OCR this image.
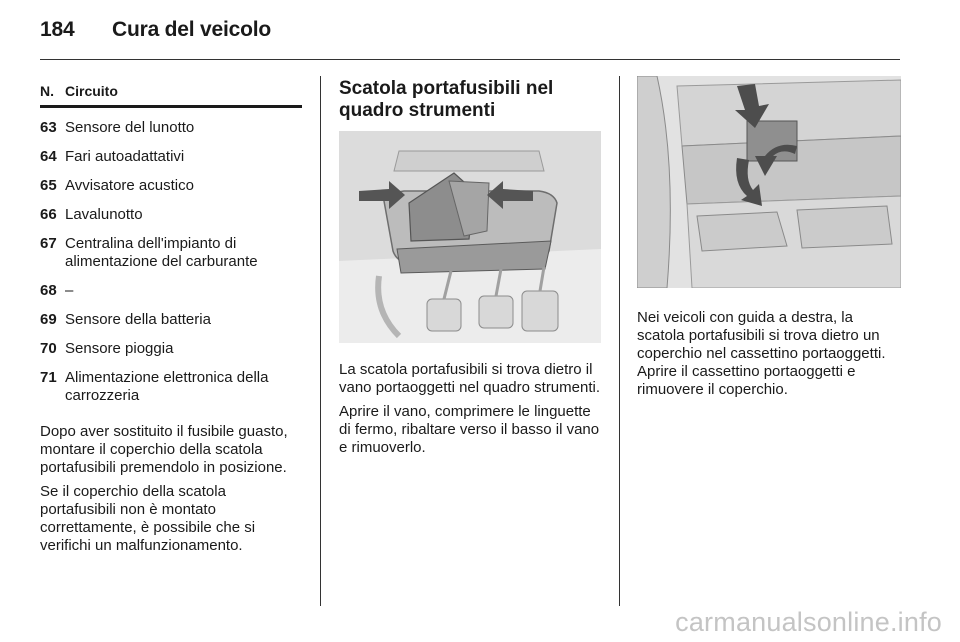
184 Cura del veicolo
N. Circuito
63 Sensore del lunotto
64 Fari autoadattativi
65 Avvisatore acustico
66 Lavalunotto
67 Centralina dell'impianto di alimentazione del carburante
68 –
69 Sensore della batteria
70 Sensore pioggia
71 Alimentazione elettronica della carrozzeria

Dopo aver sostituito il fusibile guasto, montare il coperchio della scatola portafusibili premendolo in posizione.

Se il coperchio della scatola portafusibili non è montato correttamente, è possibile che si verifichi un malfunzionamento.

Scatola portafusibili nel quadro strumenti

La scatola portafusibili si trova dietro il vano portaoggetti nel quadro strumenti.

Aprire il vano, comprimere le linguette di fermo, ribaltare verso il basso il vano e rimuoverlo.

Nei veicoli con guida a destra, la scatola portafusibili si trova dietro un coperchio nel cassettino portaoggetti. Aprire il cassettino portaoggetti e rimuovere il coperchio.

carmanualsonline.info
